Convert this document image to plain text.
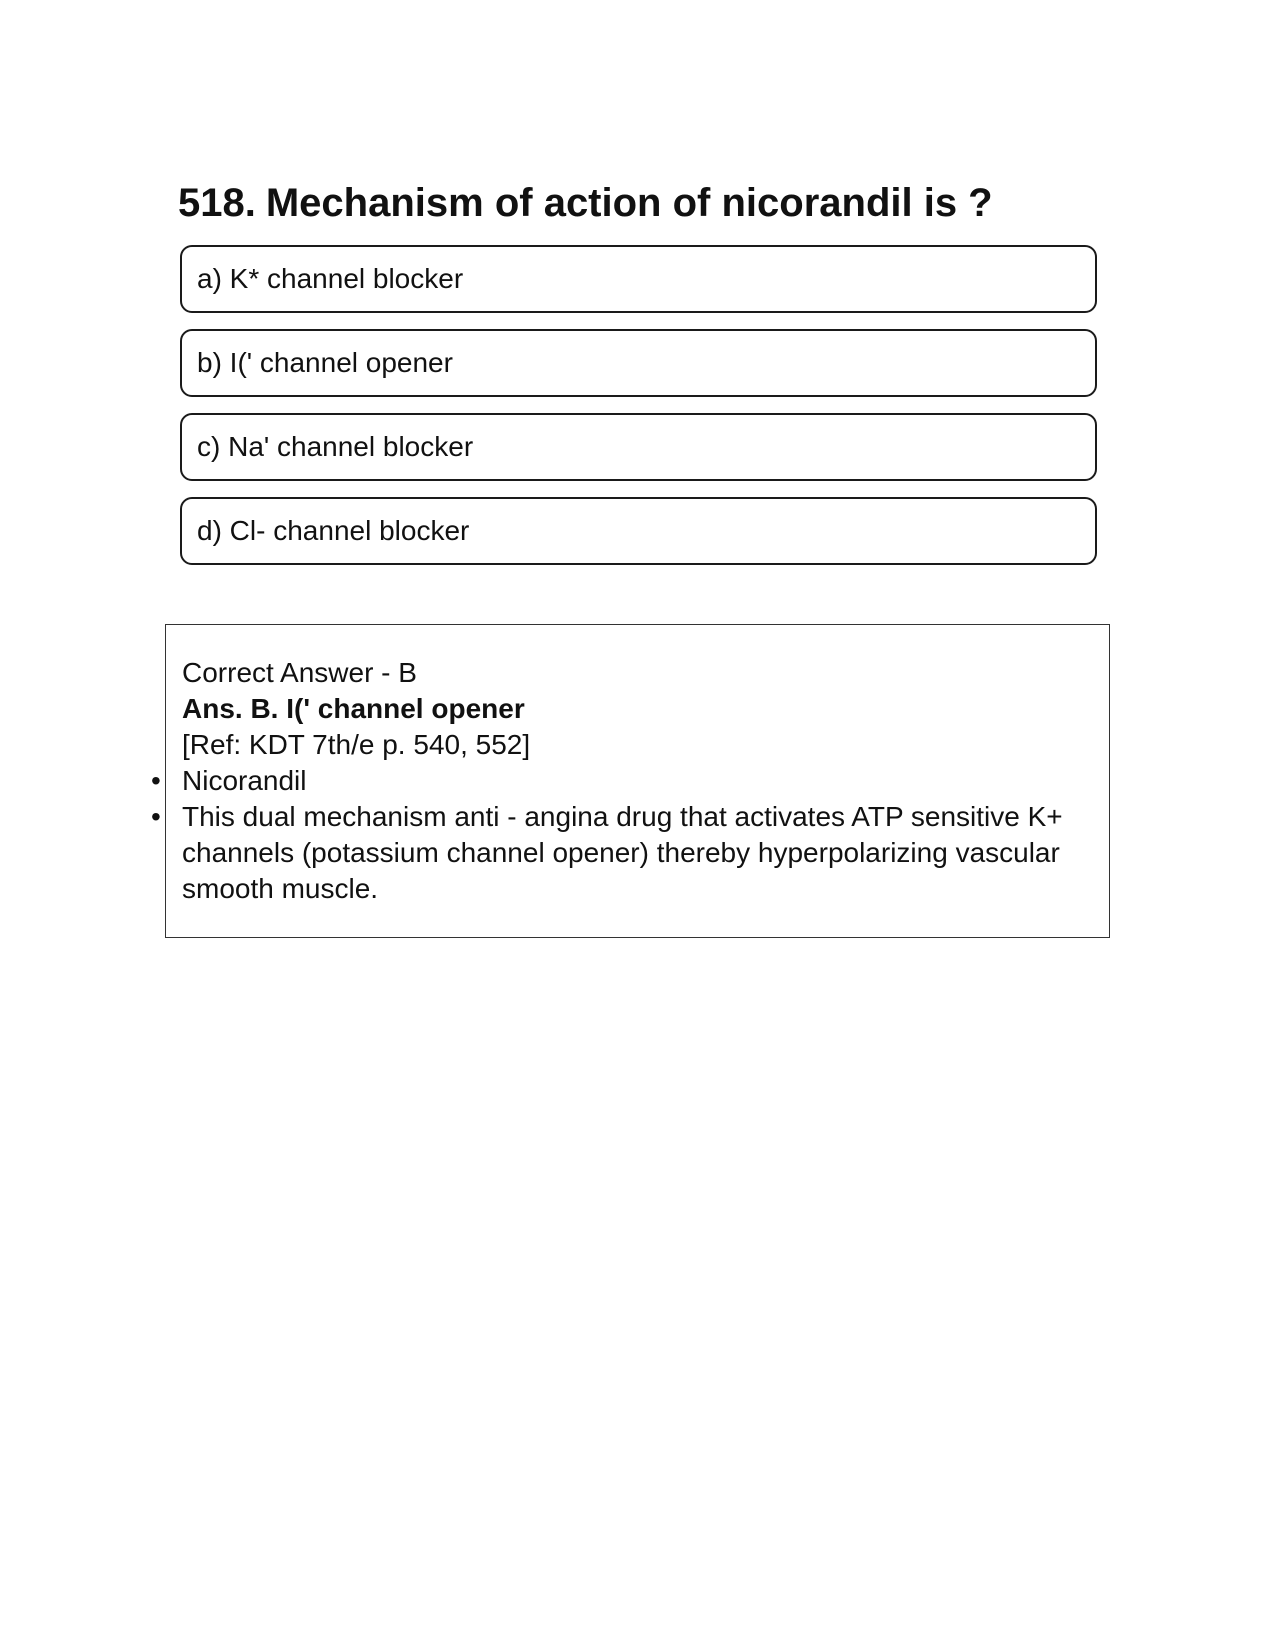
518. Mechanism of action of nicorandil is ?
a) K* channel blocker
b) I(' channel opener
c) Na' channel blocker
d) Cl- channel blocker
Correct Answer - B
Ans. B. I(' channel opener
[Ref: KDT 7th/e p. 540, 552]
• Nicorandil
• This dual mechanism anti - angina drug that activates ATP sensitive K+ channels (potassium channel opener) thereby hyperpolarizing vascular smooth muscle.
